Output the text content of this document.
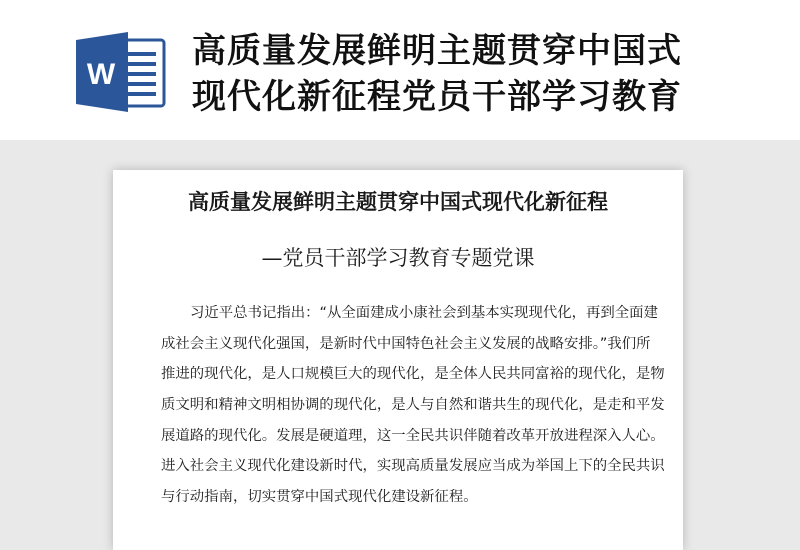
W
高质量发展鲜明主题贯穿中国式
现代化新征程党员干部学习教育
高质量发展鲜明主题贯穿中国式现代化新征程
—党员干部学习教育专题党课
习近平总书记指出：“从全面建成小康社会到基本实现现代化，再到全面建
成社会主义现代化强国，是新时代中国特色社会主义发展的战略安排。”我们所
推进的现代化，是人口规模巨大的现代化，是全体人民共同富裕的现代化，是物
质文明和精神文明相协调的现代化，是人与自然和谐共生的现代化，是走和平发
展道路的现代化。发展是硬道理，这一全民共识伴随着改革开放进程深入人心。
进入社会主义现代化建设新时代，实现高质量发展应当成为举国上下的全民共识
与行动指南，切实贯穿中国式现代化建设新征程。
